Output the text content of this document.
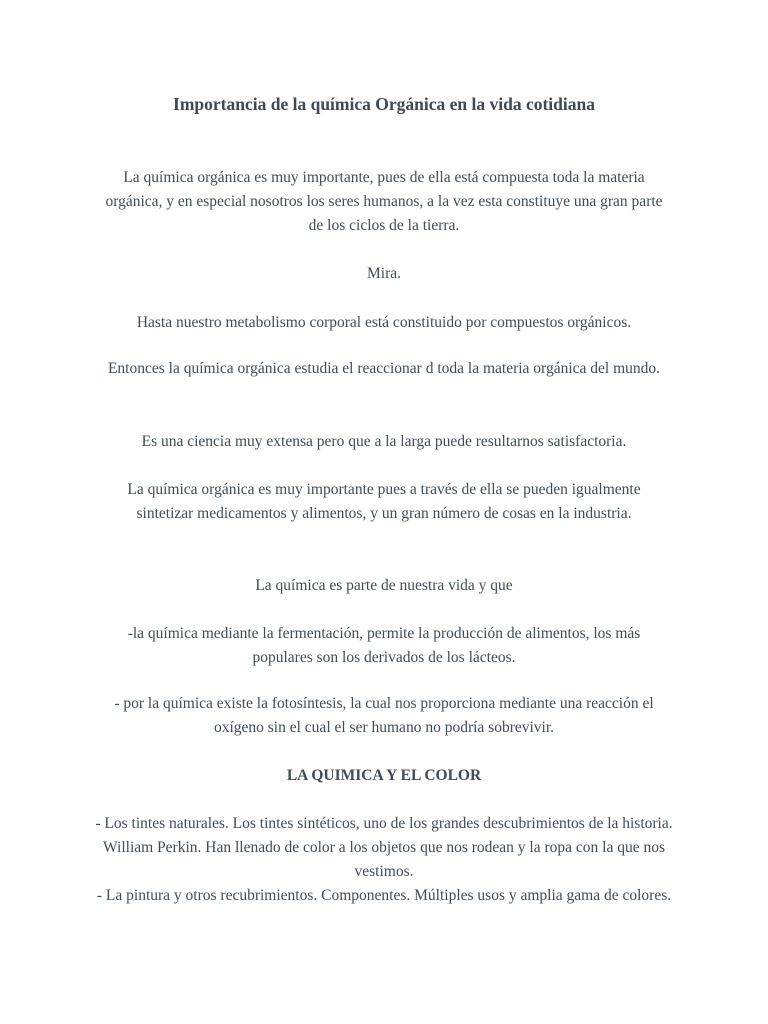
Importancia de la química Orgánica en la vida cotidiana
La química orgánica es muy importante, pues de ella está compuesta toda la materia orgánica, y en especial nosotros los seres humanos, a la vez esta constituye una gran parte de los ciclos de la tierra.
Mira.
Hasta nuestro metabolismo corporal está constituido por compuestos orgánicos.
Entonces la química orgánica estudia el reaccionar d toda la materia orgánica del mundo.
Es una ciencia muy extensa pero que a la larga puede resultarnos satisfactoria.
La química orgánica es muy importante pues a través de ella se pueden igualmente sintetizar medicamentos y alimentos, y un gran número de cosas en la industria.
La química es parte de nuestra vida y que
-la química mediante la fermentación, permite la producción de alimentos, los más populares son los derivados de los lácteos.
- por la química existe la fotosíntesis, la cual nos proporciona mediante una reacción el oxígeno sin el cual el ser humano no podría sobrevivir.
LA QUIMICA Y EL COLOR
- Los tintes naturales. Los tintes sintéticos, uno de los grandes descubrimientos de la historia. William Perkin. Han llenado de color a los objetos que nos rodean y la ropa con la que nos vestimos.
- La pintura y otros recubrimientos. Componentes. Múltiples usos y amplia gama de colores.
